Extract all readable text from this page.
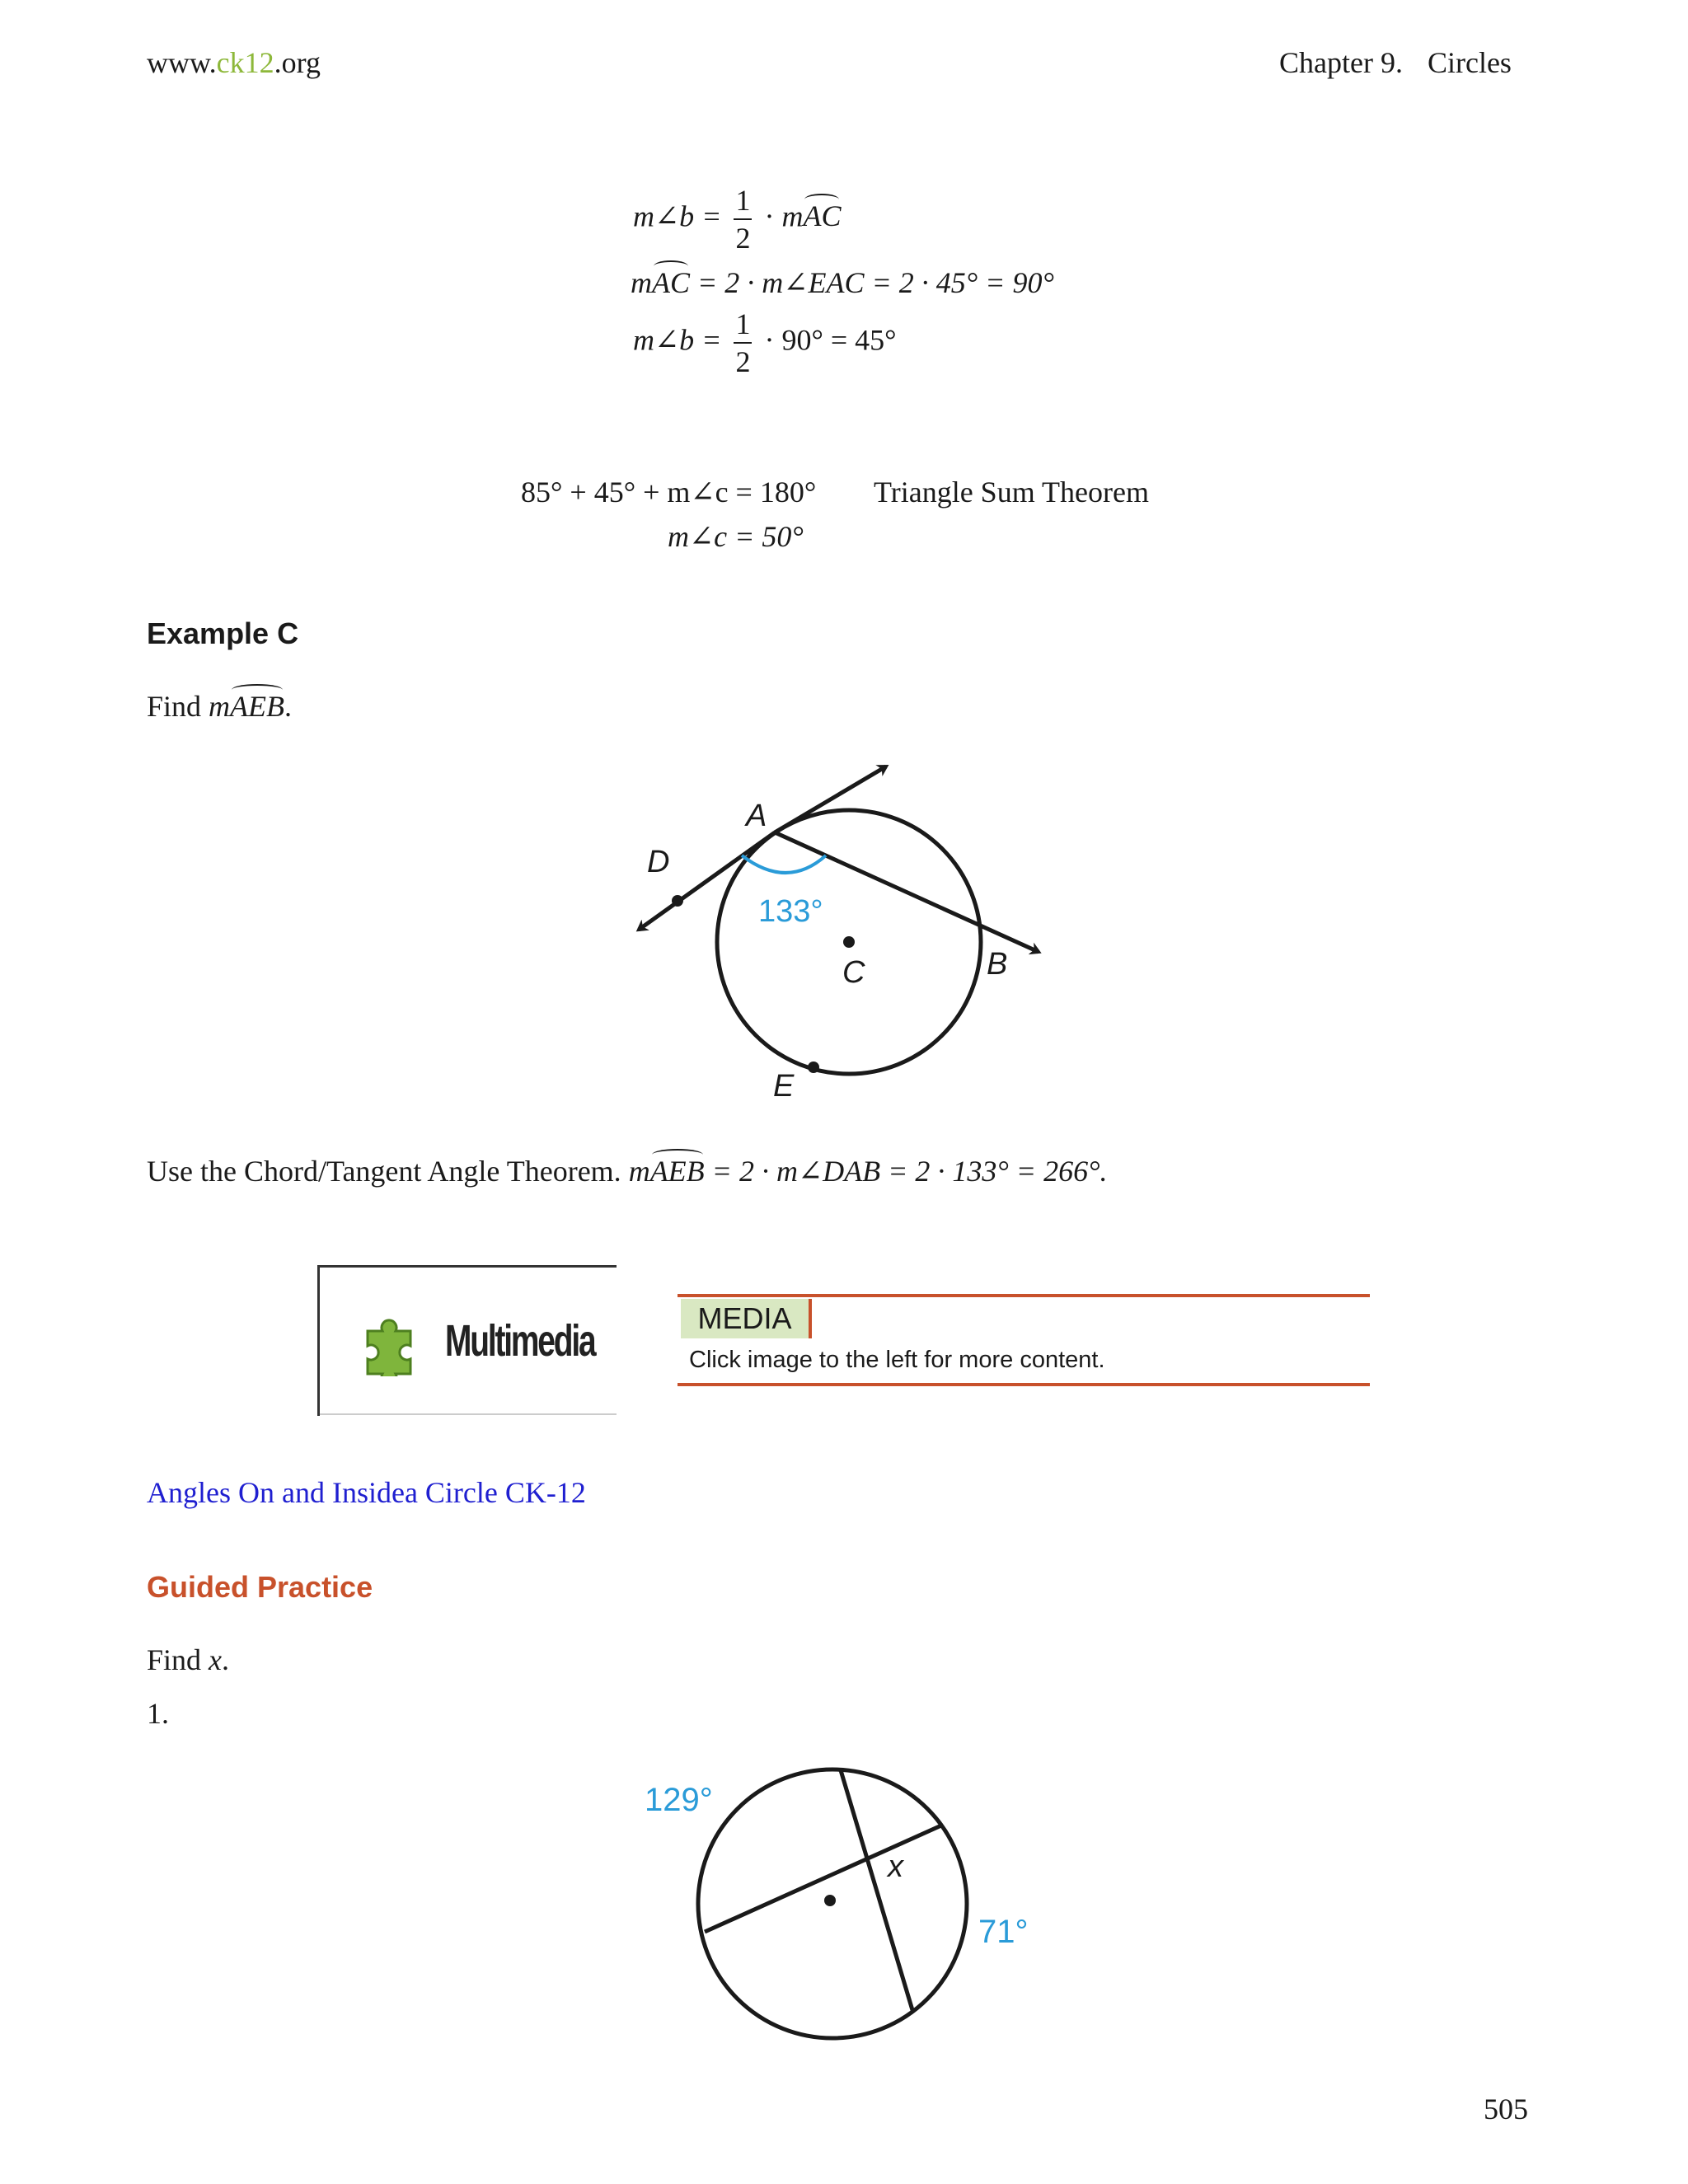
www.ck12.org	Chapter 9. Circles
m∠b = $\frac{1}{2}$ · mAC
mAC = 2 · m∠EAC = 2 · 45° = 90°
m∠b = $\frac{1}{2} \cdot 90^\circ = 45^\circ$
85° + 45° + m∠c = 180° Triangle Sum Theorem
m∠c = 50°
Example C
Find mAEB.
A
D
C	B
E
133°
Use the Chord/Tangent Angle Theorem. mAEB = 2 · m∠DAB = 2 · 133° = 266°.
Multimedia	MEDIA
Click image to the left for more content.
Angles On and Insidea Circle CK-12
Guided Practice
Find x.
1.
129°
71°
x
505
